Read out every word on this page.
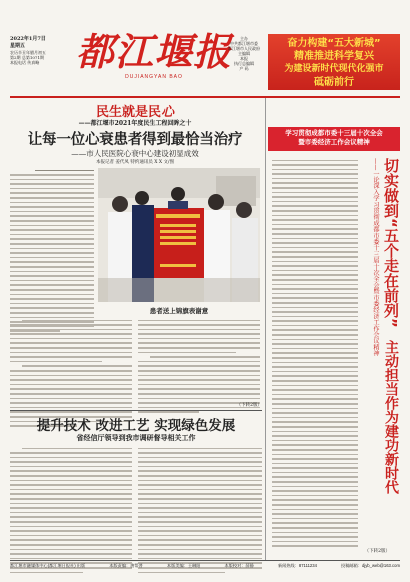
2022年1月7日
星期五
农历辛丑年腊月初五
第2期 总第1071期
本报电话 传真略 都江堰报
DUJIANGYAN BAO
主办
中共都江堰市委
都江堰市人民政府
主编辑
本报
执行总编辑
产 码
奋力构建“五大新城”
精准推进科学复兴
为建设新时代现代化强市
砥砺前行
民生就是民心
——都江堰市2021年度民生工程回眸之十
让每一位心衰患者得到最恰当治疗
——市人民医院心衰中心建设初显成效
本报记者 姜代凤 特约通讯员 X X 文/图
患者送上锦旗表谢意
（下转2版）
提升技术 改进工艺 实现绿色发展
省经信厅领导到我市调研督导相关工作
学习贯彻成都市委十三届十次全会
暨市委经济工作会议精神
切实做到“五个走在前列”
——一论深入学习贯彻成都市委十三届十次全会暨市委经济工作会议精神
主动担当作为建功新时代
（下转2版）
都江堰市融媒体中心(都江堰日报社) 出版	本版责编：唐帮普	本版美编：王琳阳	本版校对：薛静	新闻热线：87111234	投稿邮箱：djyb_web@163.com
